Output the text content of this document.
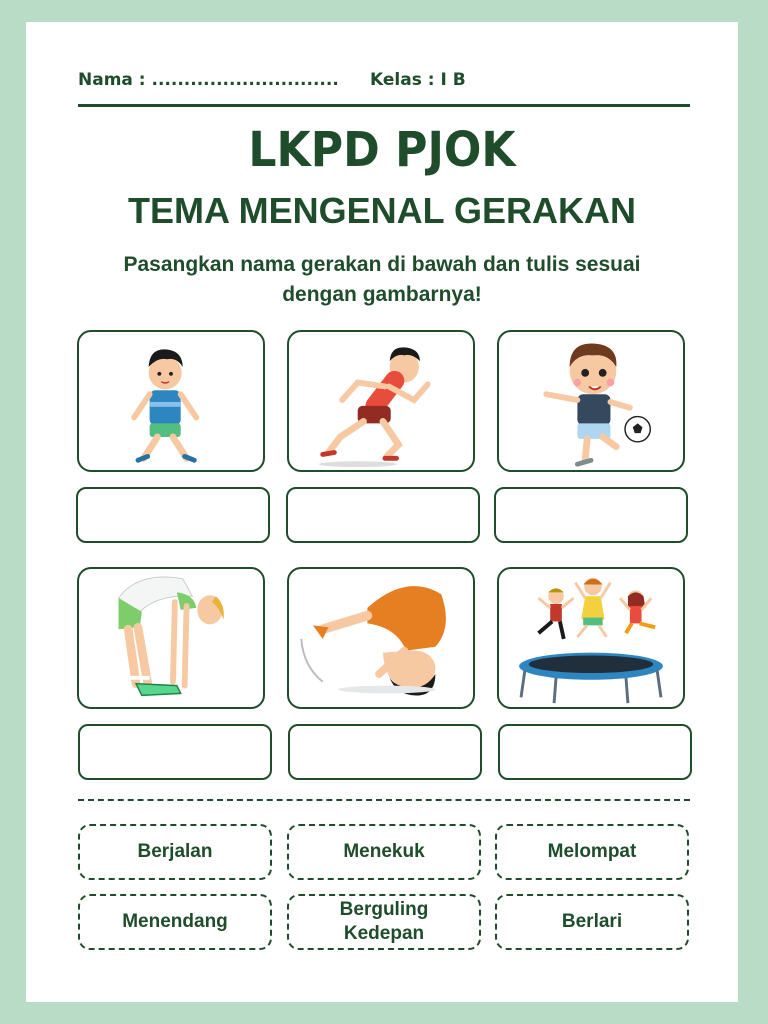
Nama : ............................. Kelas : I B
LKPD PJOK
TEMA MENGENAL GERAKAN
Pasangkan nama gerakan di bawah dan tulis sesuai dengan gambarnya!
Berjalan	Menekuk	Melompat
Menendang
Berguling Kedepan
Berlari
